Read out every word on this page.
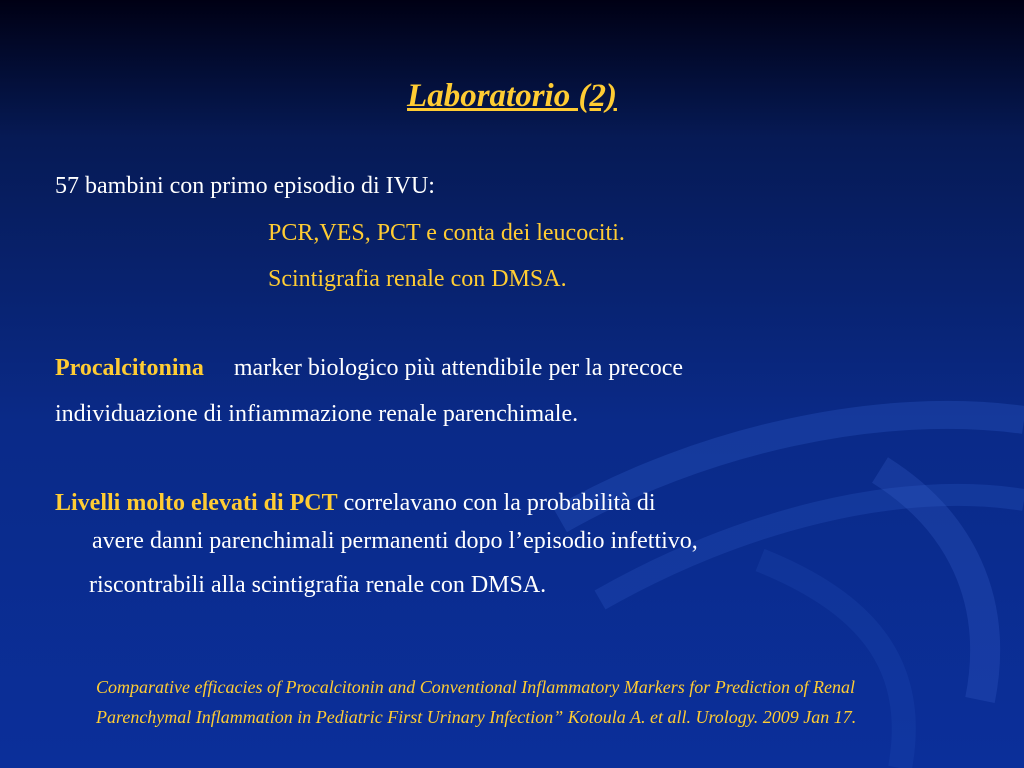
Laboratorio (2)
57 bambini con primo episodio di IVU:
PCR,VES, PCT e conta dei leucociti.
Scintigrafia renale con DMSA.
Procalcitonina marker biologico più attendibile per la precoce
individuazione di infiammazione renale parenchimale.
Livelli molto elevati di PCT correlavano con la probabilità di
avere danni parenchimali permanenti dopo l’episodio infettivo,
riscontrabili alla scintigrafia renale con DMSA.
Comparative efficacies of Procalcitonin and Conventional Inflammatory Markers for Prediction of Renal
Parenchymal Inflammation in Pediatric First Urinary Infection” Kotoula A. et all. Urology. 2009 Jan 17.
